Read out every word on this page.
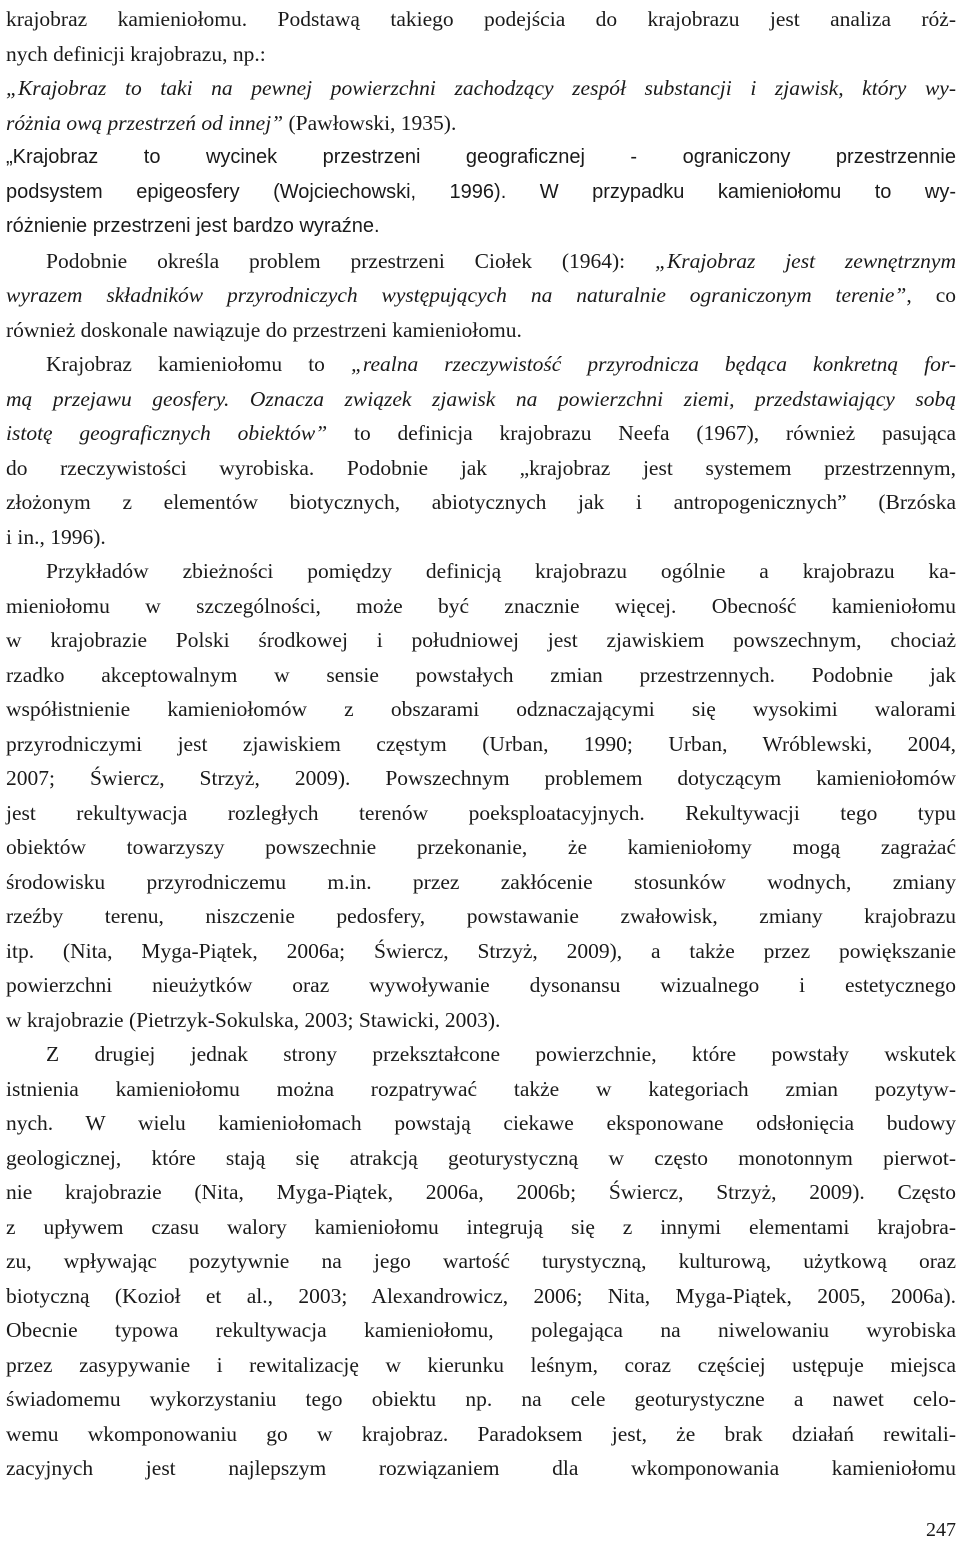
krajobraz kamieniołomu. Podstawą takiego podejścia do krajobrazu jest analiza róż-
nych definicji krajobrazu, np.:
„Krajobraz to taki na pewnej powierzchni zachodzący zespół substancji i zjawisk, który wy-
różnia ową przestrzeń od innej” (Pawłowski, 1935).
„Krajobraz to wycinek przestrzeni geograficznej - ograniczony przestrzennie
podsystem epigeosfery (Wojciechowski, 1996). W przypadku kamieniołomu to wy-
różnienie przestrzeni jest bardzo wyraźne.
Podobnie określa problem przestrzeni Ciołek (1964): „Krajobraz jest zewnętrznym
wyrazem składników przyrodniczych występujących na naturalnie ograniczonym terenie”, co
również doskonale nawiązuje do przestrzeni kamieniołomu.
Krajobraz kamieniołomu to „realna rzeczywistość przyrodnicza będąca konkretną for-
mą przejawu geosfery. Oznacza związek zjawisk na powierzchni ziemi, przedstawiający sobą
istotę geograficznych obiektów” to definicja krajobrazu Neefa (1967), również pasująca
do rzeczywistości wyrobiska. Podobnie jak „krajobraz jest systemem przestrzennym,
złożonym z elementów biotycznych, abiotycznych jak i antropogenicznych” (Brzóska
i in., 1996).
Przykładów zbieżności pomiędzy definicją krajobrazu ogólnie a krajobrazu ka-
mieniołomu w szczególności, może być znacznie więcej. Obecność kamieniołomu
w krajobrazie Polski środkowej i południowej jest zjawiskiem powszechnym, chociaż
rzadko akceptowalnym w sensie powstałych zmian przestrzennych. Podobnie jak
współistnienie kamieniołomów z obszarami odznaczającymi się wysokimi walorami
przyrodniczymi jest zjawiskiem częstym (Urban, 1990; Urban, Wróblewski, 2004,
2007; Świercz, Strzyż, 2009). Powszechnym problemem dotyczącym kamieniołomów
jest rekultywacja rozległych terenów poeksploatacyjnych. Rekultywacji tego typu
obiektów towarzyszy powszechnie przekonanie, że kamieniołomy mogą zagrażać
środowisku przyrodniczemu m.in. przez zakłócenie stosunków wodnych, zmiany
rzeźby terenu, niszczenie pedosfery, powstawanie zwałowisk, zmiany krajobrazu
itp. (Nita, Myga-Piątek, 2006a; Świercz, Strzyż, 2009), a także przez powiększanie
powierzchni nieużytków oraz wywoływanie dysonansu wizualnego i estetycznego
w krajobrazie (Pietrzyk-Sokulska, 2003; Stawicki, 2003).
Z drugiej jednak strony przekształcone powierzchnie, które powstały wskutek
istnienia kamieniołomu można rozpatrywać także w kategoriach zmian pozytyw-
nych. W wielu kamieniołomach powstają ciekawe eksponowane odsłonięcia budowy
geologicznej, które stają się atrakcją geoturystyczną w często monotonnym pierwot-
nie krajobrazie (Nita, Myga-Piątek, 2006a, 2006b; Świercz, Strzyż, 2009). Często
z upływem czasu walory kamieniołomu integrują się z innymi elementami krajobra-
zu, wpływając pozytywnie na jego wartość turystyczną, kulturową, użytkową oraz
biotyczną (Kozioł et al., 2003; Alexandrowicz, 2006; Nita, Myga-Piątek, 2005, 2006a).
Obecnie typowa rekultywacja kamieniołomu, polegająca na niwelowaniu wyrobiska
przez zasypywanie i rewitalizację w kierunku leśnym, coraz częściej ustępuje miejsca
świadomemu wykorzystaniu tego obiektu np. na cele geoturystyczne a nawet celo-
wemu wkomponowaniu go w krajobraz. Paradoksem jest, że brak działań rewitali-
zacyjnych jest najlepszym rozwiązaniem dla wkomponowania kamieniołomu
247
